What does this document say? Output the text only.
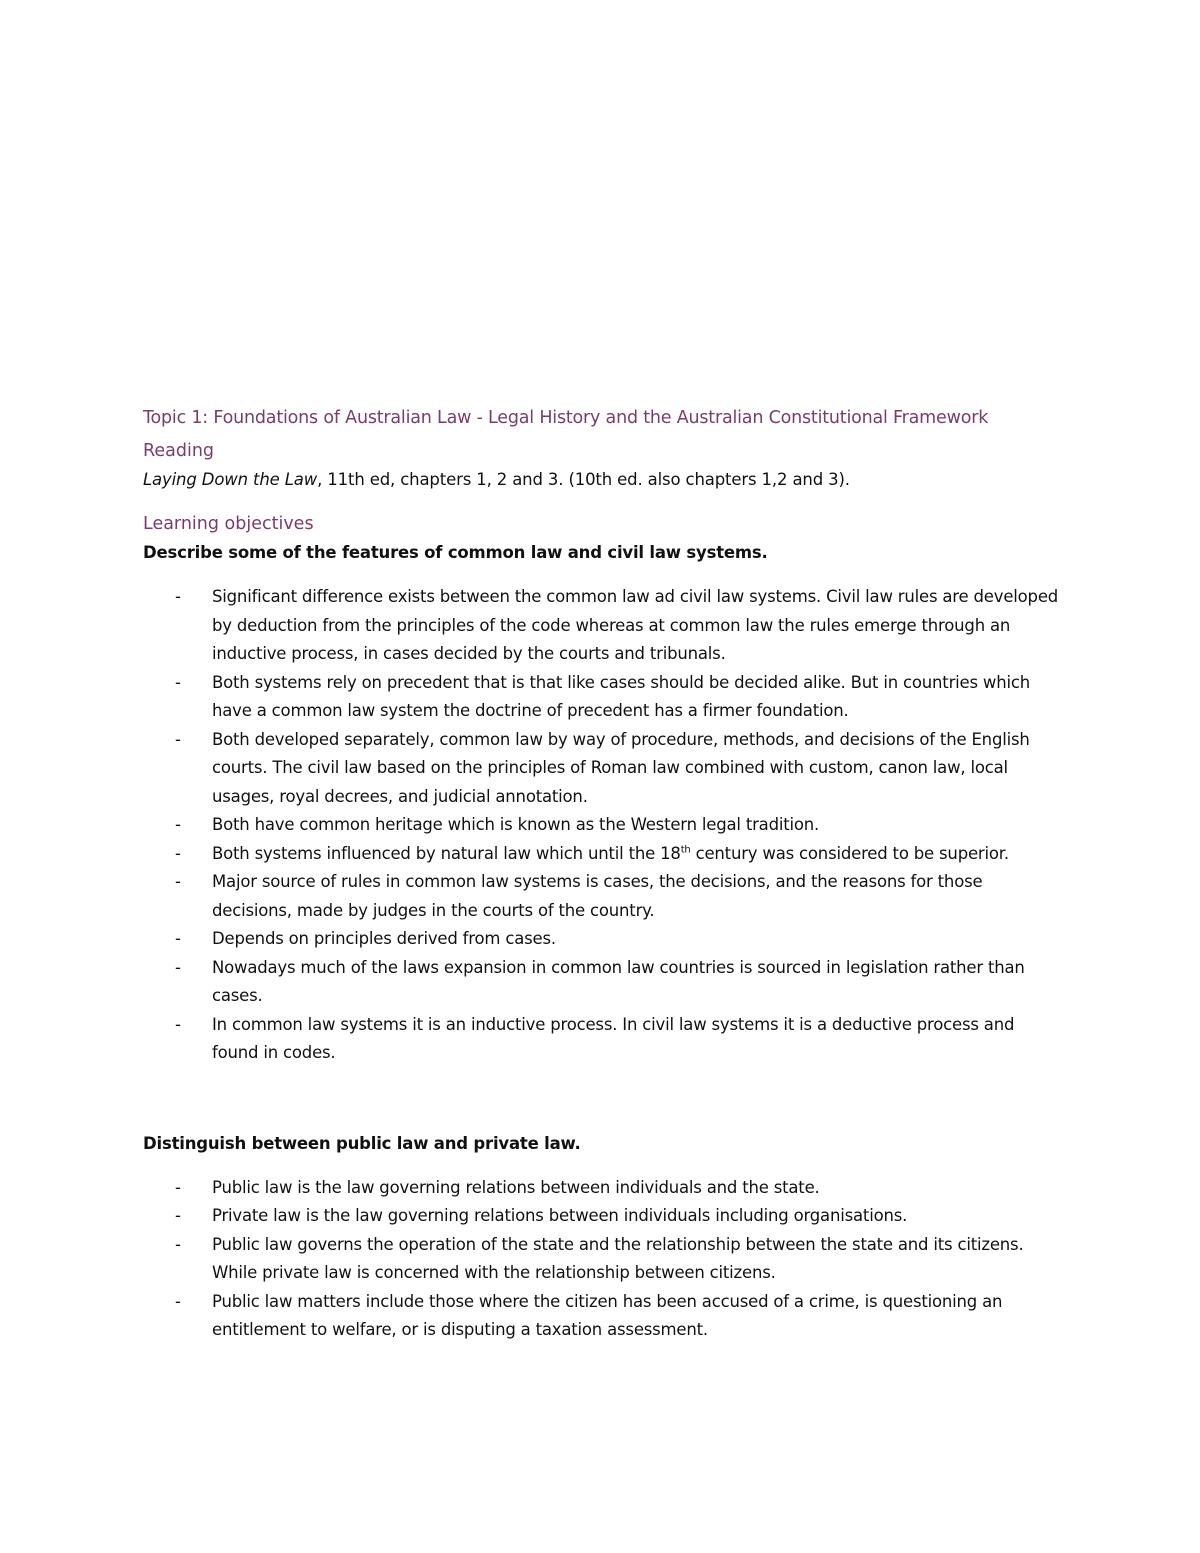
Topic 1: Foundations of Australian Law - Legal History and the Australian Constitutional Framework
Reading
Laying Down the Law, 11th ed, chapters 1, 2 and 3. (10th ed. also chapters 1,2 and 3).
Learning objectives
Describe some of the features of common law and civil law systems.
- Significant difference exists between the common law ad civil law systems. Civil law rules are developed by deduction from the principles of the code whereas at common law the rules emerge through an inductive process, in cases decided by the courts and tribunals.
- Both systems rely on precedent that is that like cases should be decided alike. But in countries which have a common law system the doctrine of precedent has a firmer foundation.
- Both developed separately, common law by way of procedure, methods, and decisions of the English courts. The civil law based on the principles of Roman law combined with custom, canon law, local usages, royal decrees, and judicial annotation.
- Both have common heritage which is known as the Western legal tradition.
- Both systems influenced by natural law which until the 18th century was considered to be superior.
- Major source of rules in common law systems is cases, the decisions, and the reasons for those decisions, made by judges in the courts of the country.
- Depends on principles derived from cases.
- Nowadays much of the laws expansion in common law countries is sourced in legislation rather than cases.
- In common law systems it is an inductive process. In civil law systems it is a deductive process and found in codes.
Distinguish between public law and private law.
- Public law is the law governing relations between individuals and the state.
- Private law is the law governing relations between individuals including organisations.
- Public law governs the operation of the state and the relationship between the state and its citizens. While private law is concerned with the relationship between citizens.
- Public law matters include those where the citizen has been accused of a crime, is questioning an entitlement to welfare, or is disputing a taxation assessment.
